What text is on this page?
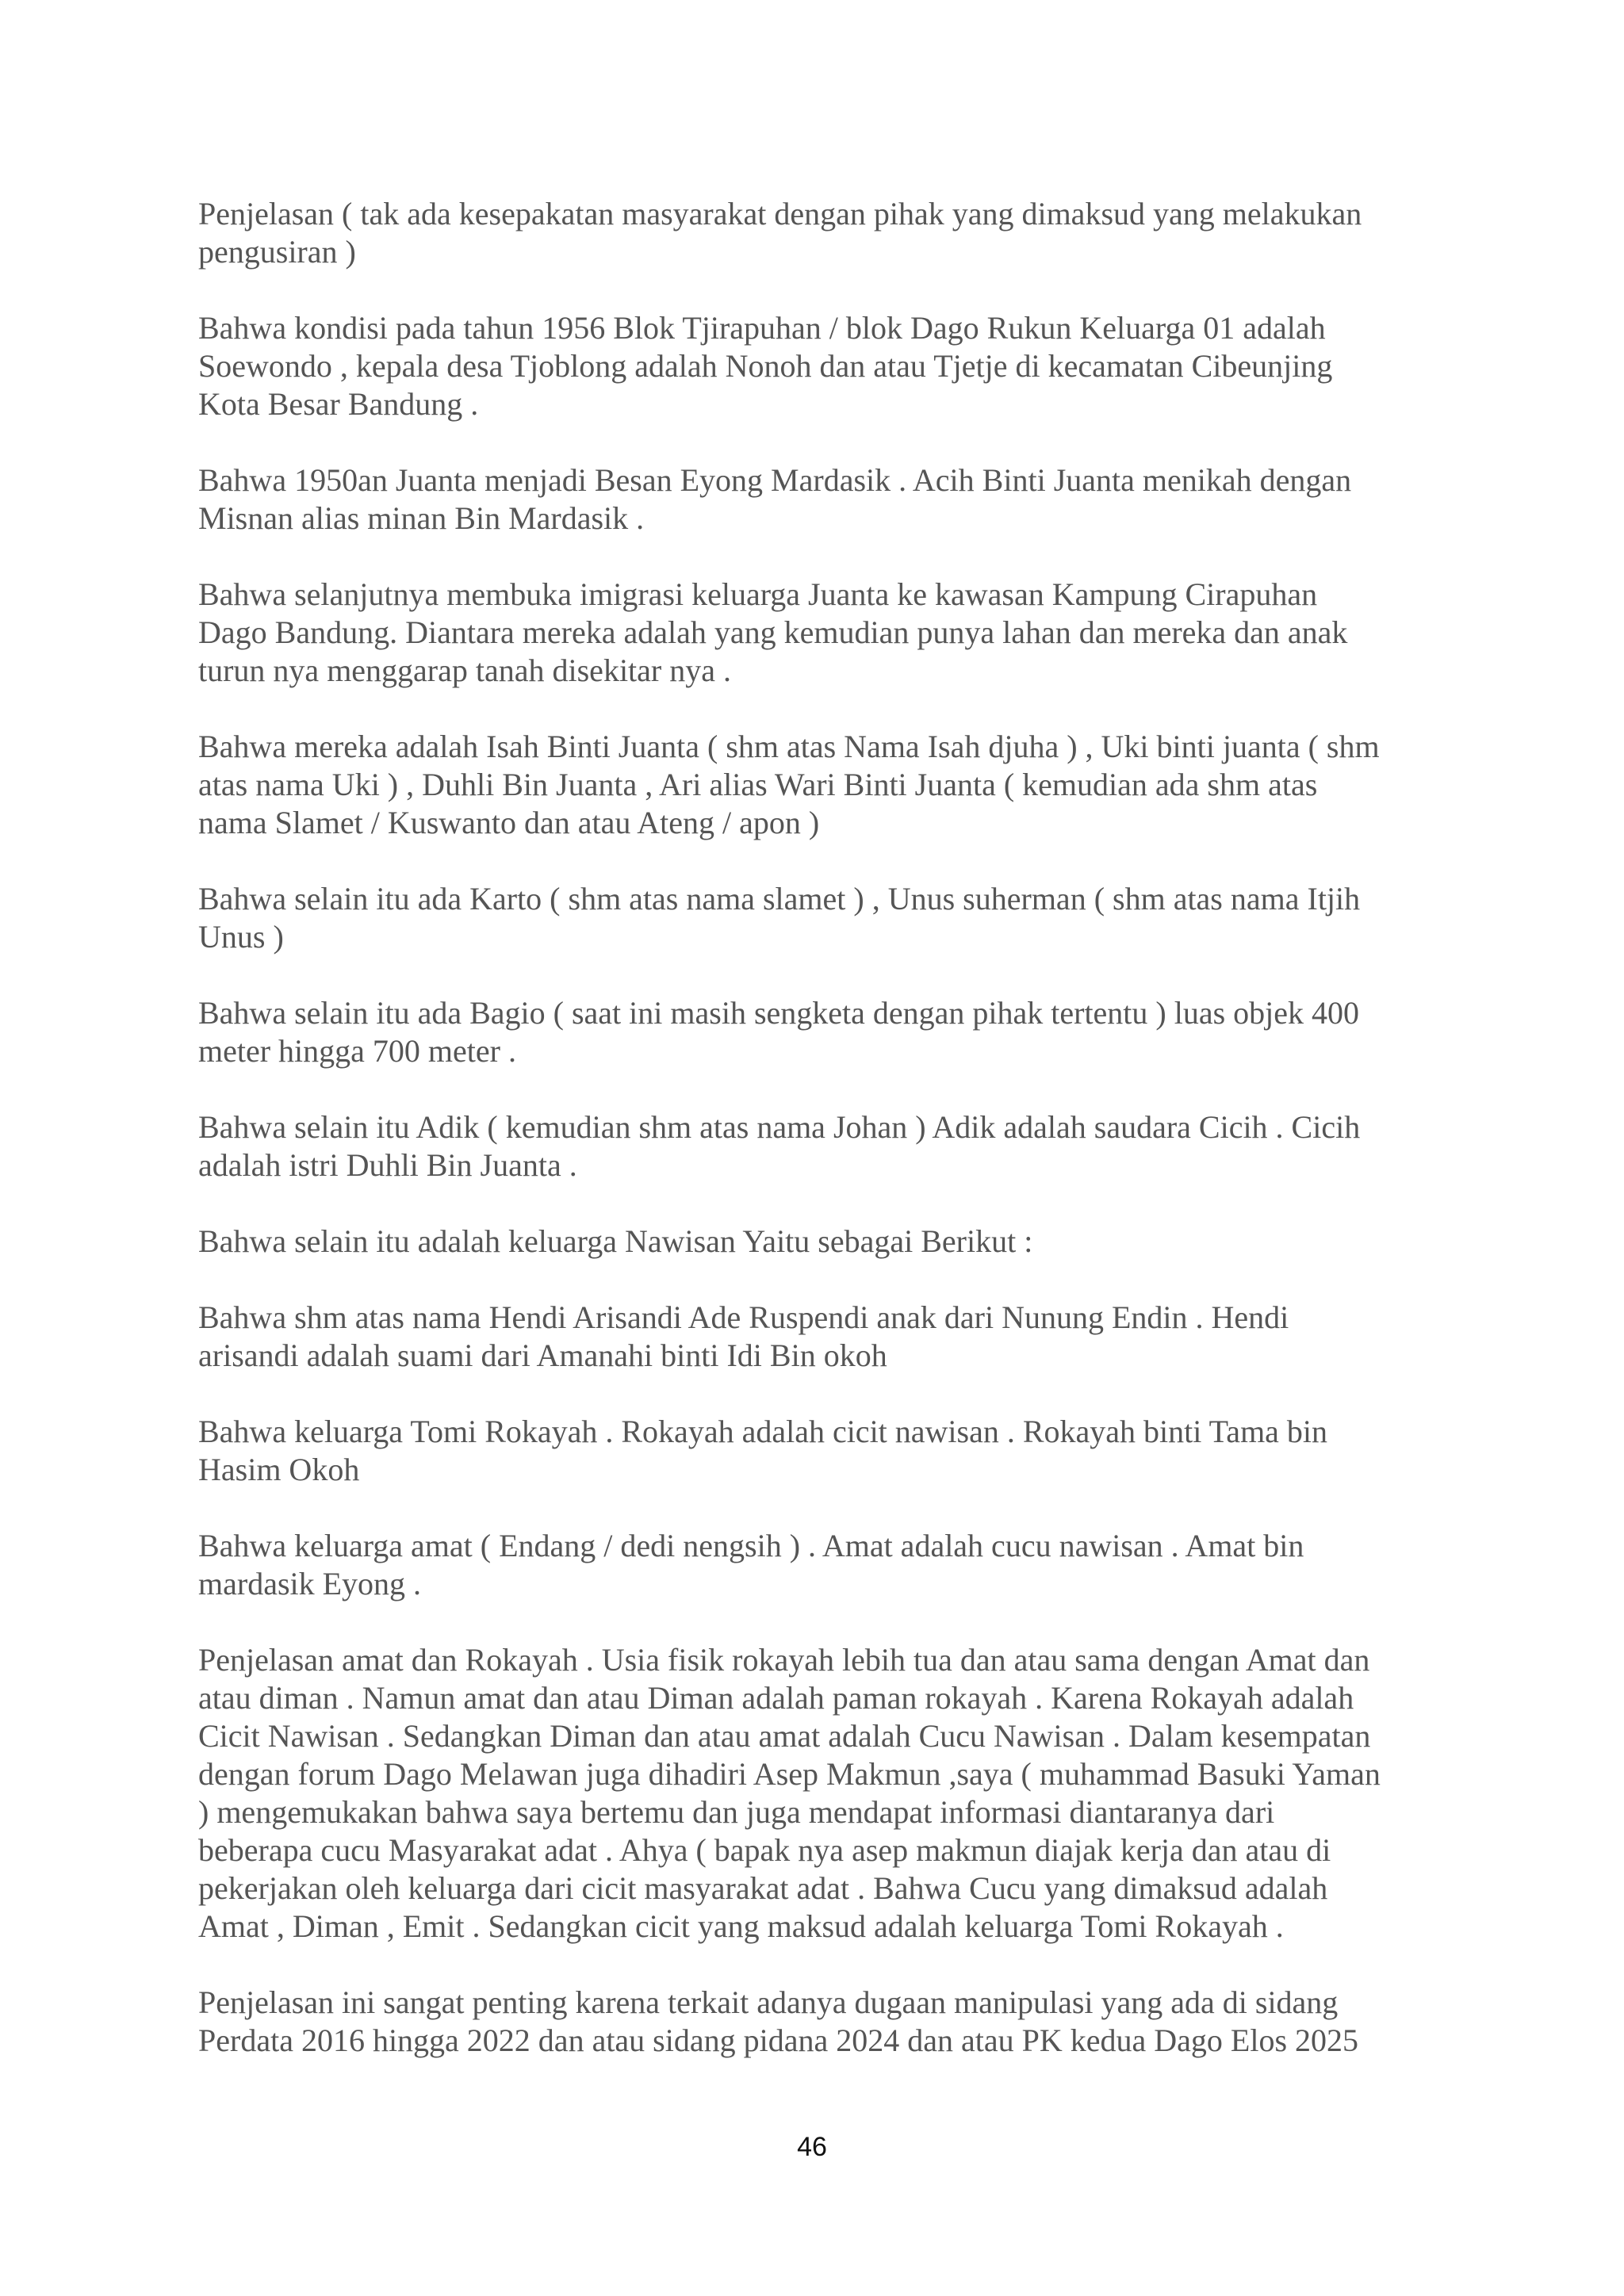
Penjelasan ( tak ada kesepakatan masyarakat dengan pihak yang dimaksud yang melakukan
pengusiran )

Bahwa kondisi pada tahun 1956 Blok Tjirapuhan / blok Dago Rukun Keluarga 01 adalah
Soewondo , kepala desa Tjoblong adalah Nonoh dan atau Tjetje di kecamatan Cibeunjing
Kota Besar Bandung .

Bahwa 1950an Juanta menjadi Besan Eyong Mardasik . Acih Binti Juanta menikah dengan
Misnan alias minan Bin Mardasik .

Bahwa selanjutnya membuka imigrasi keluarga Juanta ke kawasan Kampung Cirapuhan
Dago Bandung. Diantara mereka adalah yang kemudian punya lahan dan mereka dan anak
turun nya menggarap tanah disekitar nya .

Bahwa mereka adalah Isah Binti Juanta ( shm atas Nama Isah djuha ) , Uki binti juanta ( shm
atas nama Uki ) , Duhli Bin Juanta , Ari alias Wari Binti Juanta ( kemudian ada shm atas
nama Slamet / Kuswanto dan atau Ateng / apon )

Bahwa selain itu ada Karto ( shm atas nama slamet ) , Unus suherman ( shm atas nama Itjih
Unus )

Bahwa selain itu ada Bagio ( saat ini masih sengketa dengan pihak tertentu ) luas objek 400
meter hingga 700 meter .

Bahwa selain itu Adik ( kemudian shm atas nama Johan ) Adik adalah saudara Cicih . Cicih
adalah istri Duhli Bin Juanta .

Bahwa selain itu adalah keluarga Nawisan Yaitu sebagai Berikut :

Bahwa shm atas nama Hendi Arisandi Ade Ruspendi anak dari Nunung Endin . Hendi
arisandi adalah suami dari Amanahi binti Idi Bin okoh

Bahwa keluarga Tomi Rokayah . Rokayah adalah cicit nawisan . Rokayah binti Tama bin
Hasim Okoh

Bahwa keluarga amat ( Endang / dedi nengsih ) . Amat adalah cucu nawisan . Amat bin
mardasik Eyong .

Penjelasan amat dan Rokayah . Usia fisik rokayah lebih tua dan atau sama dengan Amat dan
atau diman . Namun amat dan atau Diman adalah paman rokayah . Karena Rokayah adalah
Cicit Nawisan . Sedangkan Diman dan atau amat adalah Cucu Nawisan . Dalam kesempatan
dengan forum Dago Melawan juga dihadiri Asep Makmun ,saya ( muhammad Basuki Yaman
) mengemukakan bahwa saya bertemu dan juga mendapat informasi diantaranya dari
beberapa cucu Masyarakat adat . Ahya ( bapak nya asep makmun diajak kerja dan atau di
pekerjakan oleh keluarga dari cicit masyarakat adat . Bahwa Cucu yang dimaksud adalah
Amat , Diman , Emit . Sedangkan cicit yang maksud adalah keluarga Tomi Rokayah .

Penjelasan ini sangat penting karena terkait adanya dugaan manipulasi yang ada di sidang
Perdata 2016 hingga 2022 dan atau sidang pidana 2024 dan atau PK kedua Dago Elos 2025

46
